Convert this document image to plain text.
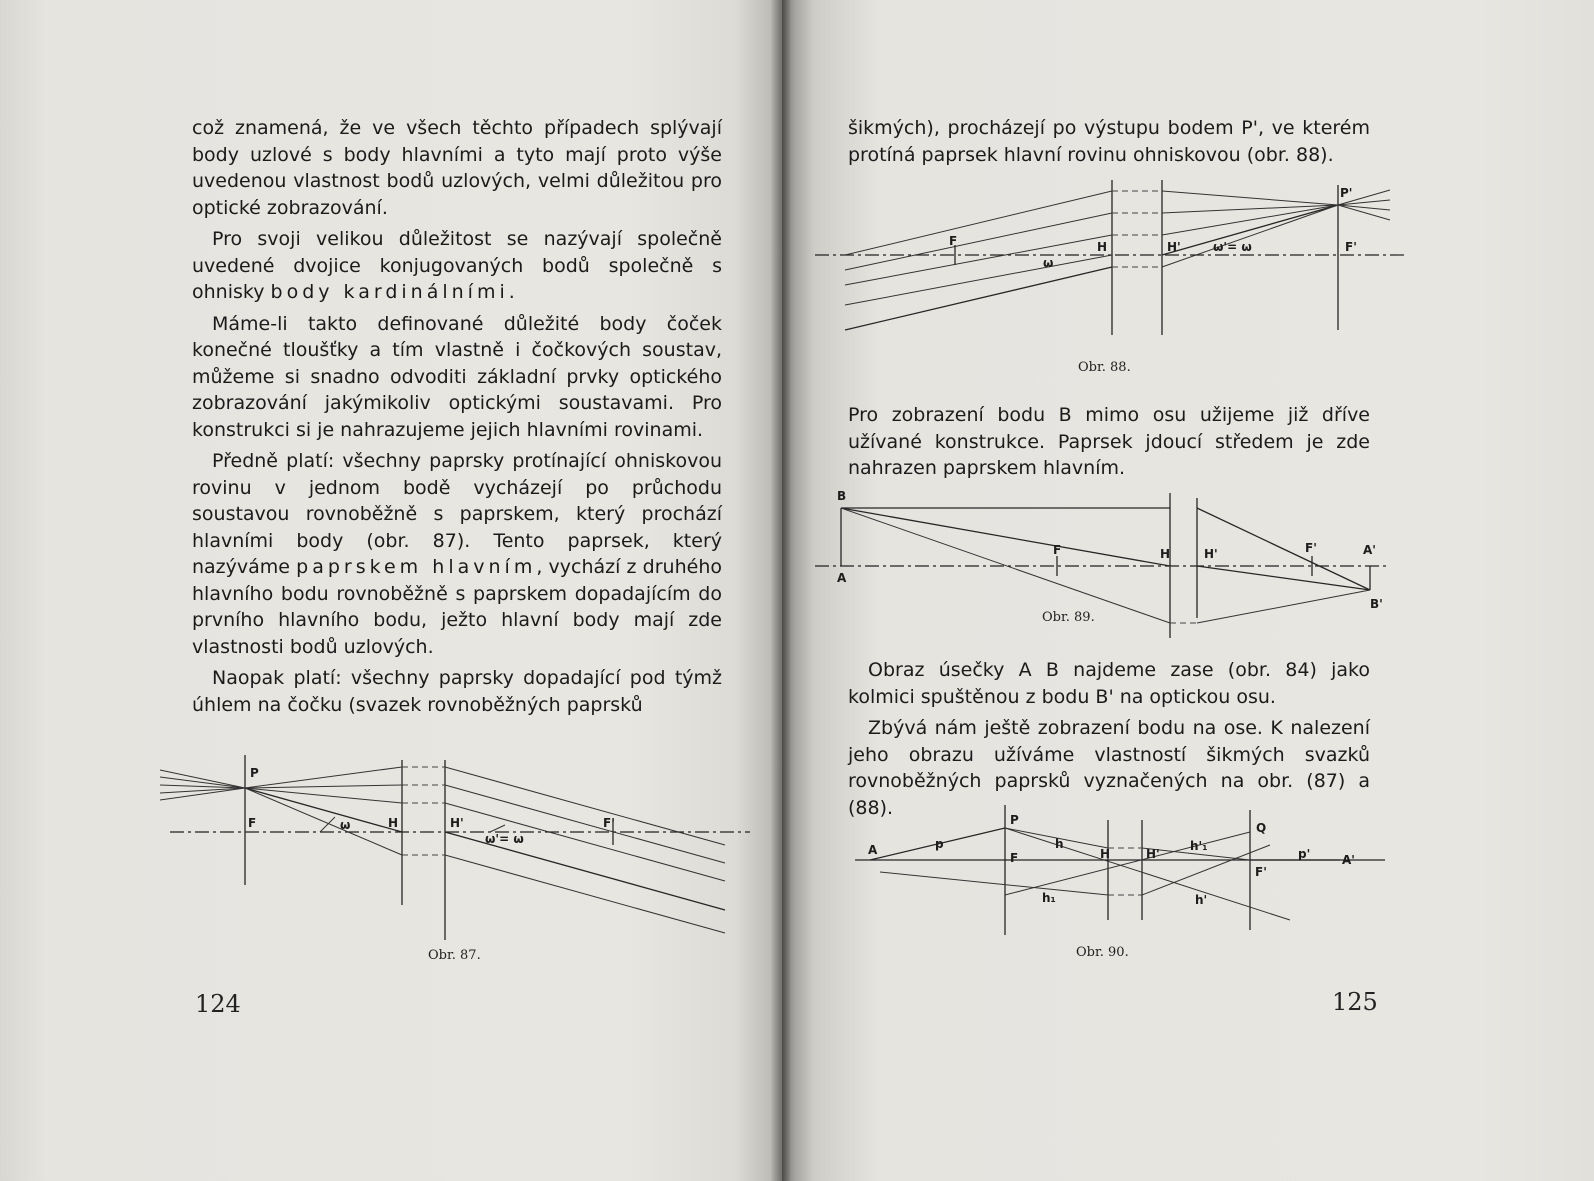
což znamená, že ve všech těchto případech splývají body uzlové s body hlavními a tyto mají proto výše uvedenou vlastnost bodů uzlových, velmi důležitou pro optické zobrazování.

Pro svoji velikou důležitost se nazývají společně uvedené dvojice konjugovaných bodů společně s ohnisky body kardinálními.

Máme-li takto definované důležité body čoček konečné tloušťky a tím vlastně i čočkových soustav, můžeme si snadno odvoditi základní prvky optického zobrazování jakýmikoliv optickými soustavami. Pro konstrukci si je nahrazujeme jejich hlavními rovinami.

Předně platí: všechny paprsky protínající ohniskovou rovinu v jednom bodě vycházejí po průchodu soustavou rovnoběžně s paprskem, který prochází hlavními body (obr. 87). Tento paprsek, který nazýváme paprskem hlavním, vychází z druhého hlavního bodu rovnoběžně s paprskem dopadajícím do prvního hlavního bodu, ježto hlavní body mají zde vlastnosti bodů uzlových.

Naopak platí: všechny paprsky dopadající pod týmž úhlem na čočku (svazek rovnoběžných paprsků

P
F	ω	H	H'
ω'= ω
F'
Obr. 87.
124

šikmých), procházejí po výstupu bodem P', ve kterém protíná paprsek hlavní rovinu ohniskovou (obr. 88).

P'
F	H	H'	ω'= ω	F'
ω
Obr. 88.

Pro zobrazení bodu B mimo osu užijeme již dříve užívané konstrukce. Paprsek jdoucí středem je zde nahrazen paprskem hlavním.

B
A
F	H	H'	F'	A'
B'
Obr. 89.

Obraz úsečky A B najdeme zase (obr. 84) jako kolmici spuštěnou z bodu B' na optickou osu.

Zbývá nám ještě zobrazení bodu na ose. K nalezení jeho obrazu užíváme vlastností šikmých svazků rovnoběžných paprsků vyznačených na obr. (87) a (88).

A	p
P
F
h
H	H'
h'₁
Q
F'
p'	A'
h₁	h'
Obr. 90.
125
